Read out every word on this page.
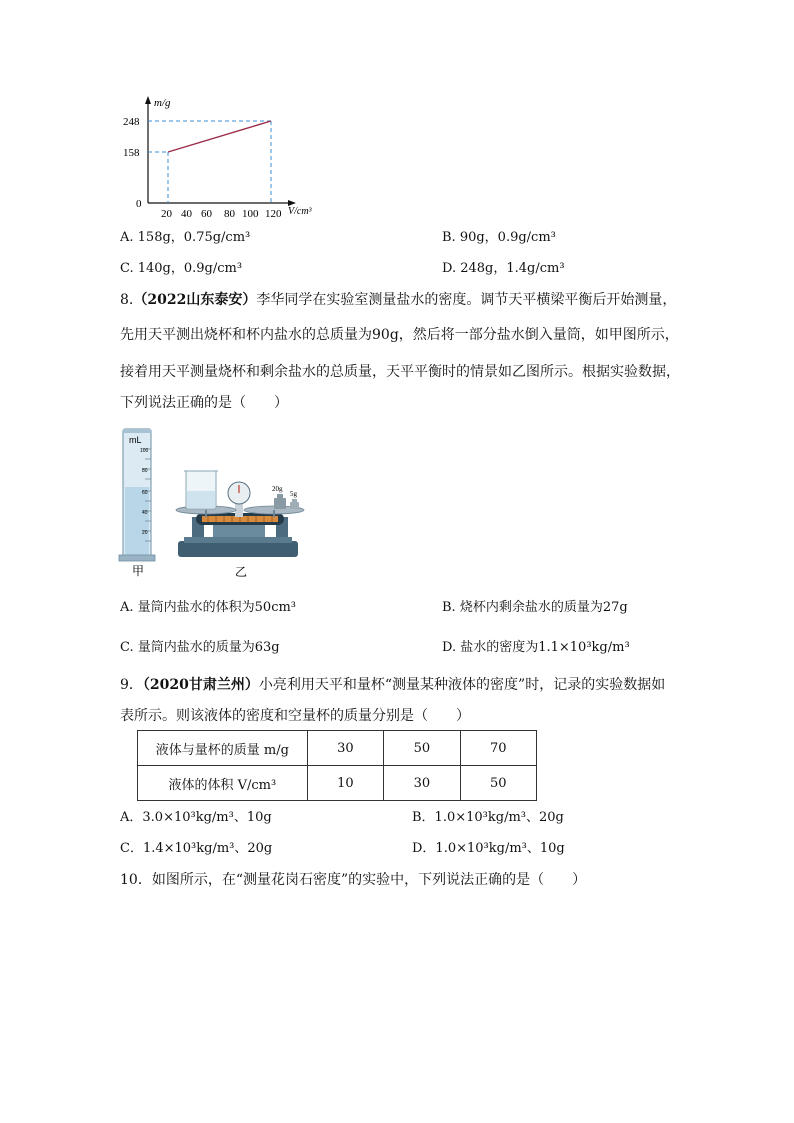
m/g
248
158
0
20 40 60 80 100 120 V/cm³
A. 158g，0.75g/cm³	B. 90g，0.9g/cm³
C. 140g，0.9g/cm³	D. 248g，1.4g/cm³
8.（2022山东泰安）李华同学在实验室测量盐水的密度。调节天平横梁平衡后开始测量，
先用天平测出烧杯和杯内盐水的总质量为90g，然后将一部分盐水倒入量筒，如甲图所示，
接着用天平测量烧杯和剩余盐水的总质量，天平平衡时的情景如乙图所示。根据实验数据，
下列说法正确的是（　　）
mL
100
80
60
40
20
20g
5g
甲	乙
A. 量筒内盐水的体积为50cm³	B. 烧杯内剩余盐水的质量为27g
C. 量筒内盐水的质量为63g	D. 盐水的密度为1.1×10³kg/m³
9．（2020甘肃兰州）小亮利用天平和量杯“测量某种液体的密度”时，记录的实验数据如
表所示。则该液体的密度和空量杯的质量分别是（　　）
液体与量杯的质量 m/g	30	50	70
液体的体积 V/cm³	10	30	50
A．3.0×10³kg/m³、10g	B．1.0×10³kg/m³、20g
C．1.4×10³kg/m³、20g	D．1.0×10³kg/m³、10g
10．如图所示，在“测量花岗石密度”的实验中，下列说法正确的是（　　）
